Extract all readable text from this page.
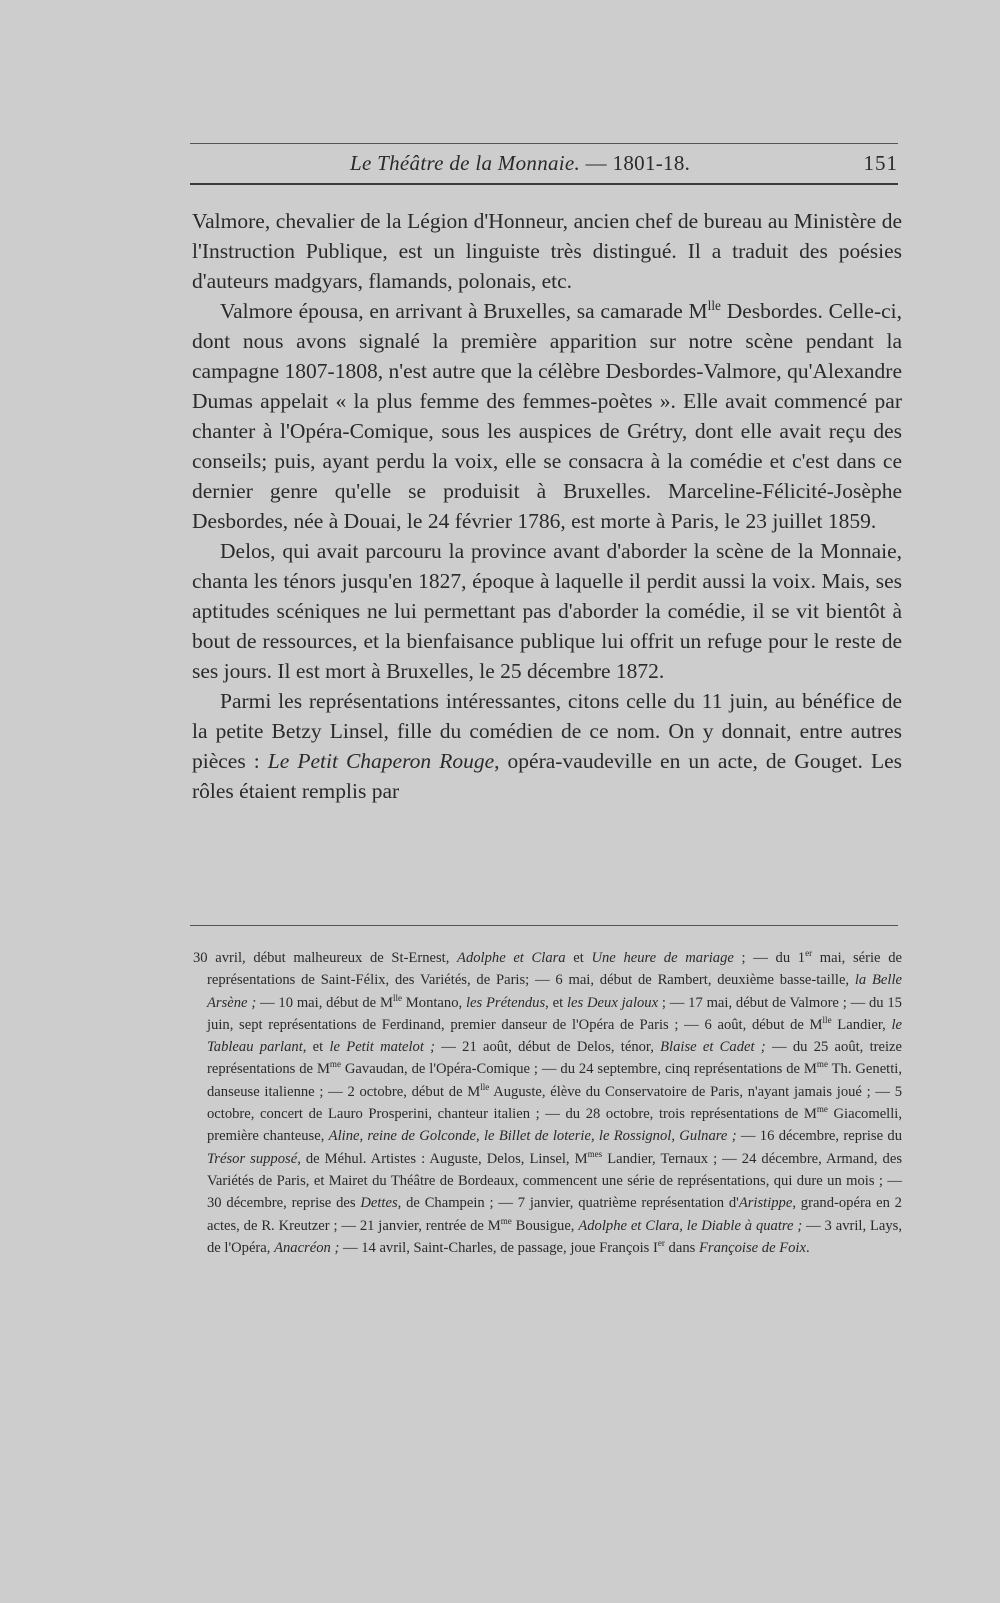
Le Théâtre de la Monnaie. — 1801-18.	151

Valmore, chevalier de la Légion d'Honneur, ancien chef de bureau au Ministère de l'Instruction Publique, est un linguiste très distingué. Il a traduit des poésies d'auteurs madgyars, flamands, polonais, etc.

Valmore épousa, en arrivant à Bruxelles, sa camarade $M^{lle}$ Desbordes. Celle-ci, dont nous avons signalé la première apparition sur notre scène pendant la campagne 1807-1808, n'est autre que la célèbre Desbordes-Valmore, qu'Alexandre Dumas appelait « la plus femme des femmes-poètes ». Elle avait commencé par chanter à l'Opéra-Comique, sous les auspices de Grétry, dont elle avait reçu des conseils; puis, ayant perdu la voix, elle se consacra à la comédie et c'est dans ce dernier genre qu'elle se produisit à Bruxelles. Marceline-Félicité-Josèphe Desbordes, née à Douai, le 24 février 1786, est morte à Paris, le 23 juillet 1859.

Delos, qui avait parcouru la province avant d'aborder la scène de la Monnaie, chanta les ténors jusqu'en 1827, époque à laquelle il perdit aussi la voix. Mais, ses aptitudes scéniques ne lui permettant pas d'aborder la comédie, il se vit bientôt à bout de ressources, et la bienfaisance publique lui offrit un refuge pour le reste de ses jours. Il est mort à Bruxelles, le 25 décembre 1872.

Parmi les représentations intéressantes, citons celle du 11 juin, au bénéfice de la petite Betzy Linsel, fille du comédien de ce nom. On y donnait, entre autres pièces : Le Petit Chaperon Rouge, opéra-vaudeville en un acte, de Gouget. Les rôles étaient remplis par

30 avril, début malheureux de St-Ernest, Adolphe et Clara et Une heure de mariage ; — du 1er mai, série de représentations de Saint-Félix, des Variétés, de Paris; — 6 mai, début de Rambert, deuxième basse-taille, la Belle Arsène ; — 10 mai, début de $M^{lle}$ Montano, les Prétendus, et les Deux jaloux ; — 17 mai, début de Valmore ; — du 15 juin, sept représentations de Ferdinand, premier danseur de l'Opéra de Paris ; — 6 août, début de $M^{lle}$ Landier, le Tableau parlant, et le Petit matelot ; — 21 août, début de Delos, ténor, Blaise et Cadet ; — du 25 août, treize représentations de $M^{me}$ Gavaudan, de l'Opéra-Comique ; — du 24 septembre, cinq représentations de $M^{me}$ Th. Genetti, danseuse italienne ; — 2 octobre, début de $M^{lle}$ Auguste, élève du Conservatoire de Paris, n'ayant jamais joué ; — 5 octobre, concert de Lauro Prosperini, chanteur italien ; — du 28 octobre, trois représentations de $M^{me}$ Giacomelli, première chanteuse, Aline, reine de Golconde, le Billet de loterie, le Rossignol, Gulnare ; — 16 décembre, reprise du Trésor supposé, de Méhul. Artistes : Auguste, Delos, Linsel, $M^{mes}$ Landier, Ternaux ; — 24 décembre, Armand, des Variétés de Paris, et Mairet du Théâtre de Bordeaux, commencent une série de représentations, qui dure un mois ; — 30 décembre, reprise des Dettes, de Champein ; — 7 janvier, quatrième représentation d'Aristippe, grand-opéra en 2 actes, de R. Kreutzer ; — 21 janvier, rentrée de $M^{me}$ Bousigue, Adolphe et Clara, le Diable à quatre ; — 3 avril, Lays, de l'Opéra, Anacréon ; — 14 avril, Saint-Charles, de passage, joue François Ier dans Françoise de Foix.
